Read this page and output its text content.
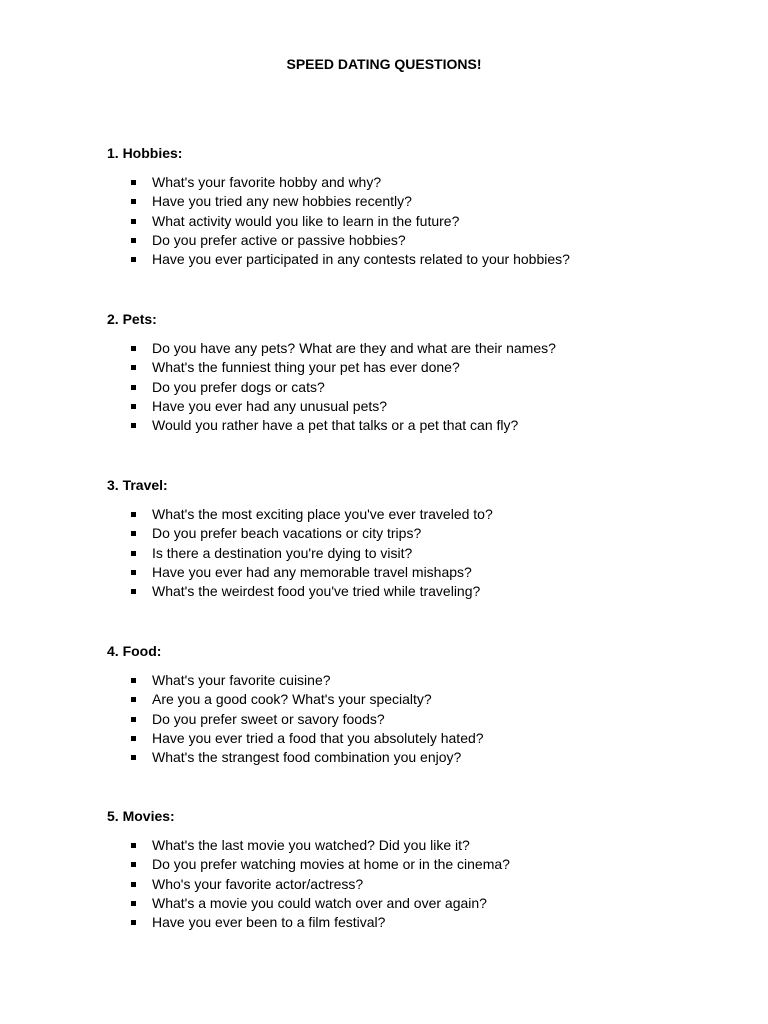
SPEED DATING QUESTIONS!

1. Hobbies:

What's your favorite hobby and why?
Have you tried any new hobbies recently?
What activity would you like to learn in the future?
Do you prefer active or passive hobbies?
Have you ever participated in any contests related to your hobbies?

2. Pets:

Do you have any pets? What are they and what are their names?
What's the funniest thing your pet has ever done?
Do you prefer dogs or cats?
Have you ever had any unusual pets?
Would you rather have a pet that talks or a pet that can fly?

3. Travel:

What's the most exciting place you've ever traveled to?
Do you prefer beach vacations or city trips?
Is there a destination you're dying to visit?
Have you ever had any memorable travel mishaps?
What's the weirdest food you've tried while traveling?

4. Food:

What's your favorite cuisine?
Are you a good cook? What's your specialty?
Do you prefer sweet or savory foods?
Have you ever tried a food that you absolutely hated?
What's the strangest food combination you enjoy?

5. Movies:

What's the last movie you watched? Did you like it?
Do you prefer watching movies at home or in the cinema?
Who's your favorite actor/actress?
What's a movie you could watch over and over again?
Have you ever been to a film festival?
